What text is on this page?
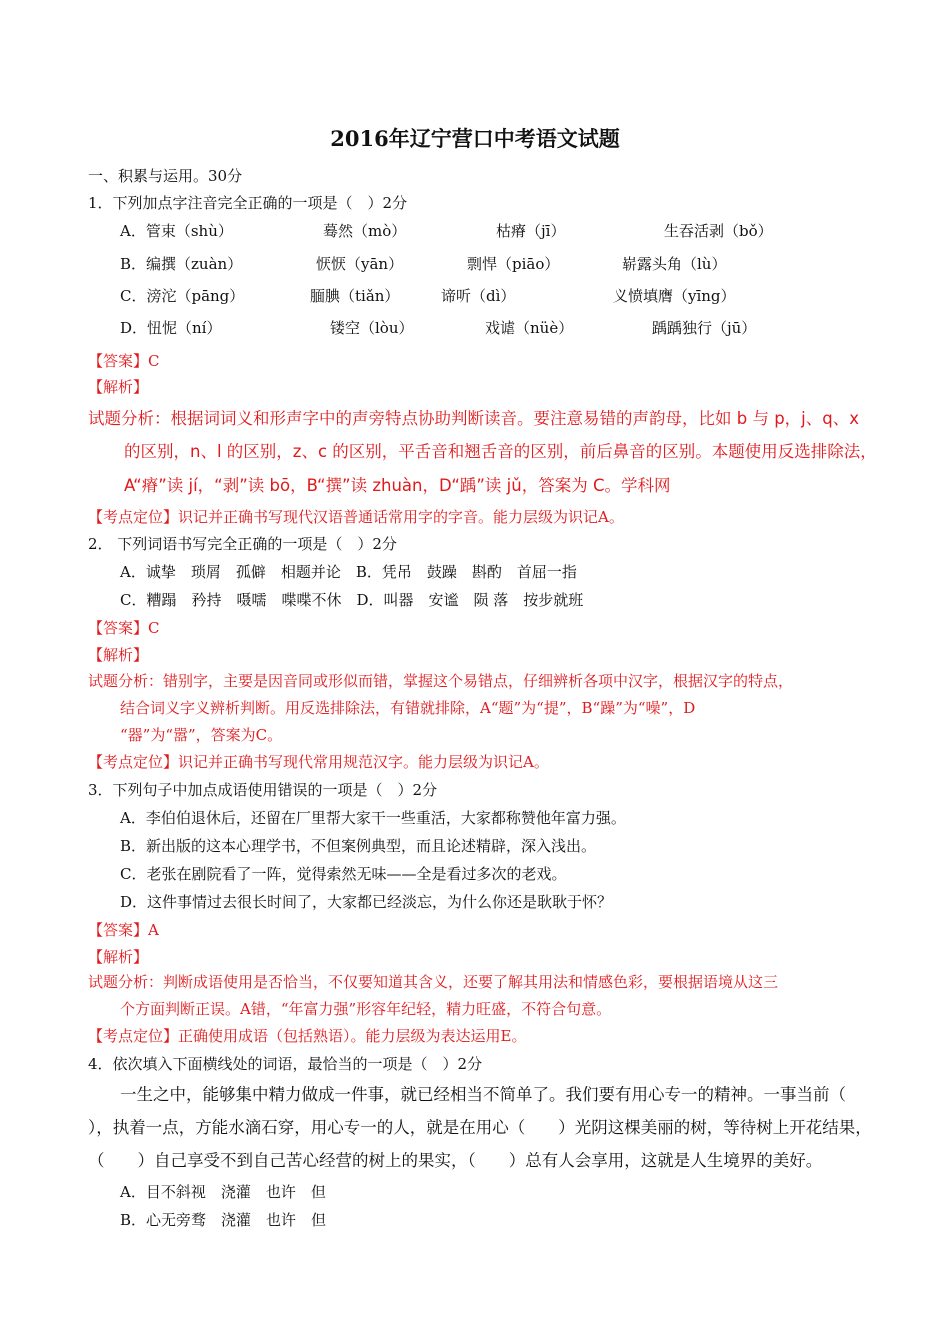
2016年辽宁营口中考语文试题
一、积累与运用。30分
1．下列加点字注音完全正确的一项是（　）2分
A．管束（shù）	蓦然（mò）	枯瘠（jī）	生吞活剥（bǒ）
B．编撰（zuàn）	恹恹（yān）	剽悍（piāo）	崭露头角（lù）
C．滂沱（pāng）	腼腆（tiǎn）	谛听（dì）	义愤填膺（yīng）
D．忸怩（ní）	镂空（lòu）	戏谑（nüè）	踽踽独行（jū）
【答案】C
【解析】
试题分析：根据词词义和形声字中的声旁特点协助判断读音。要注意易错的声韵母，比如 b 与 p，j、q、x
的区别，n、l 的区别，z、c 的区别，平舌音和翘舌音的区别，前后鼻音的区别。本题使用反选排除法，
A“瘠”读 jí，“剥”读 bō，B“撰”读 zhuàn，D“踽”读 jǔ，答案为 C。学科网
【考点定位】识记并正确书写现代汉语普通话常用字的字音。能力层级为识记A。
2． 下列词语书写完全正确的一项是（　）2分
A．诚挚　琐屑　孤僻　相题并论　B．凭吊　鼓躁　斟酌　首屈一指
C．糟蹋　矜持　嗫嚅　喋喋不休　D．叫器　安谧　陨 落　按步就班
【答案】C
【解析】
试题分析：错别字，主要是因音同或形似而错，掌握这个易错点，仔细辨析各项中汉字，根据汉字的特点，
结合词义字义辨析判断。用反选排除法，有错就排除，A“题”为“提”，B“躁”为“噪”，D
“器”为“嚣”，答案为C。
【考点定位】识记并正确书写现代常用规范汉字。能力层级为识记A。
3．下列句子中加点成语使用错误的一项是（　）2分
A．李伯伯退休后，还留在厂里帮大家干一些重活，大家都称赞他年富力强。
B．新出版的这本心理学书，不但案例典型，而且论述精辟，深入浅出。
C．老张在剧院看了一阵，觉得索然无味——全是看过多次的老戏。
D．这件事情过去很长时间了，大家都已经淡忘，为什么你还是耿耿于怀？
【答案】A
【解析】
试题分析：判断成语使用是否恰当，不仅要知道其含义，还要了解其用法和情感色彩，要根据语境从这三
个方面判断正误。A错，“年富力强”形容年纪轻，精力旺盛，不符合句意。
【考点定位】正确使用成语（包括熟语）。能力层级为表达运用E。
4．依次填入下面横线处的词语，最恰当的一项是（　）2分
一生之中，能够集中精力做成一件事，就已经相当不简单了。我们要有用心专一的精神。一事当前（
），执着一点，方能水滴石穿，用心专一的人，就是在用心（　　）光阴这棵美丽的树，等待树上开花结果，
（　　）自己享受不到自己苦心经营的树上的果实，（　　）总有人会享用，这就是人生境界的美好。
A．目不斜视　浇灌　也许　但
B．心无旁骛　浇灌　也许　但
